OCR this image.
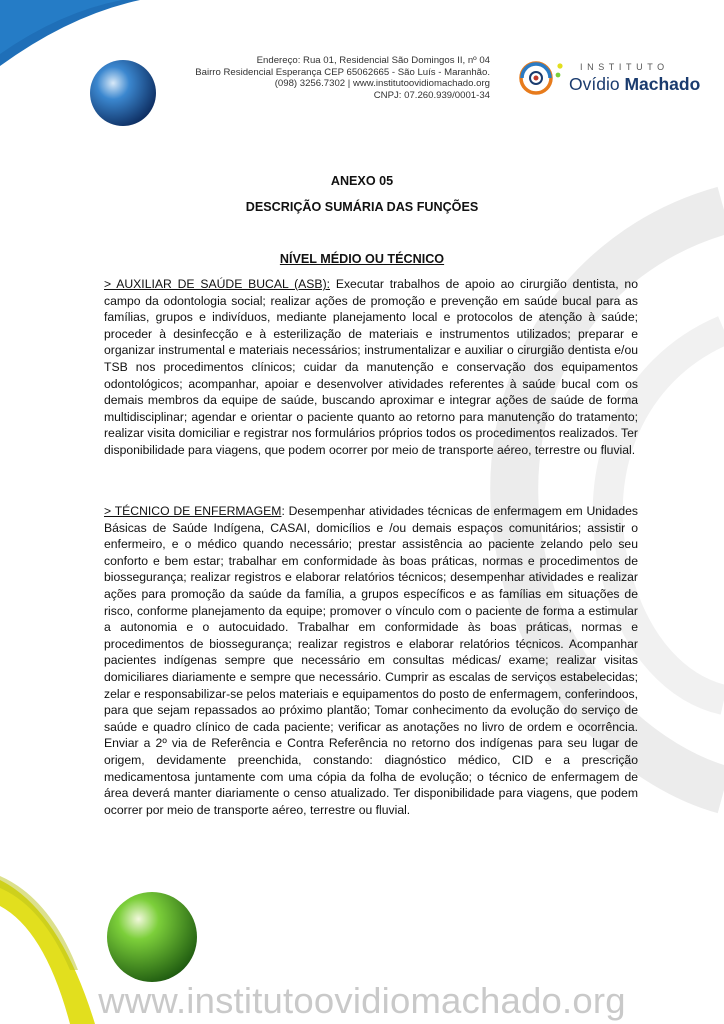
Endereço: Rua 01, Residencial São Domingos II, nº 04
Bairro Residencial Esperança CEP 65062665 - São Luís - Maranhão.
(098) 3256.7302 | www.institutoovidiomachado.org
CNPJ: 07.260.939/0001-34
INSTITUTO
Ovídio Machado
ANEXO 05
DESCRIÇÃO SUMÁRIA DAS FUNÇÕES
NÍVEL MÉDIO OU TÉCNICO
> AUXILIAR DE SAÚDE BUCAL (ASB): Executar trabalhos de apoio ao cirurgião dentista, no campo da odontologia social; realizar ações de promoção e prevenção em saúde bucal para as famílias, grupos e indivíduos, mediante planejamento local e protocolos de atenção à saúde; proceder à desinfecção e à esterilização de materiais e instrumentos utilizados; preparar e organizar instrumental e materiais necessários; instrumentalizar e auxiliar o cirurgião dentista e/ou TSB nos procedimentos clínicos; cuidar da manutenção e conservação dos equipamentos odontológicos; acompanhar, apoiar e desenvolver atividades referentes à saúde bucal com os demais membros da equipe de saúde, buscando aproximar e integrar ações de saúde de forma multidisciplinar; agendar e orientar o paciente quanto ao retorno para manutenção do tratamento; realizar visita domiciliar e registrar nos formulários próprios todos os procedimentos realizados. Ter disponibilidade para viagens, que podem ocorrer por meio de transporte aéreo, terrestre ou fluvial.
> TÉCNICO DE ENFERMAGEM: Desempenhar atividades técnicas de enfermagem em Unidades Básicas de Saúde Indígena, CASAI, domicílios e /ou demais espaços comunitários; assistir o enfermeiro, e o médico quando necessário; prestar assistência ao paciente zelando pelo seu conforto e bem estar; trabalhar em conformidade às boas práticas, normas e procedimentos de biossegurança; realizar registros e elaborar relatórios técnicos; desempenhar atividades e realizar ações para promoção da saúde da família, a grupos específicos e as famílias em situações de risco, conforme planejamento da equipe; promover o vínculo com o paciente de forma a estimular a autonomia e o autocuidado. Trabalhar em conformidade às boas práticas, normas e procedimentos de biossegurança; realizar registros e elaborar relatórios técnicos. Acompanhar pacientes indígenas sempre que necessário em consultas médicas/ exame; realizar visitas domiciliares diariamente e sempre que necessário. Cumprir as escalas de serviços estabelecidas; zelar e responsabilizar-se pelos materiais e equipamentos do posto de enfermagem, conferindoos, para que sejam repassados ao próximo plantão; Tomar conhecimento da evolução do serviço de saúde e quadro clínico de cada paciente; verificar as anotações no livro de ordem e ocorrência. Enviar a 2º via de Referência e Contra Referência no retorno dos indígenas para seu lugar de origem, devidamente preenchida, constando: diagnóstico médico, CID e a prescrição medicamentosa juntamente com uma cópia da folha de evolução; o técnico de enfermagem de área deverá manter diariamente o censo atualizado. Ter disponibilidade para viagens, que podem ocorrer por meio de transporte aéreo, terrestre ou fluvial.
www.institutoovidiomachado.org
